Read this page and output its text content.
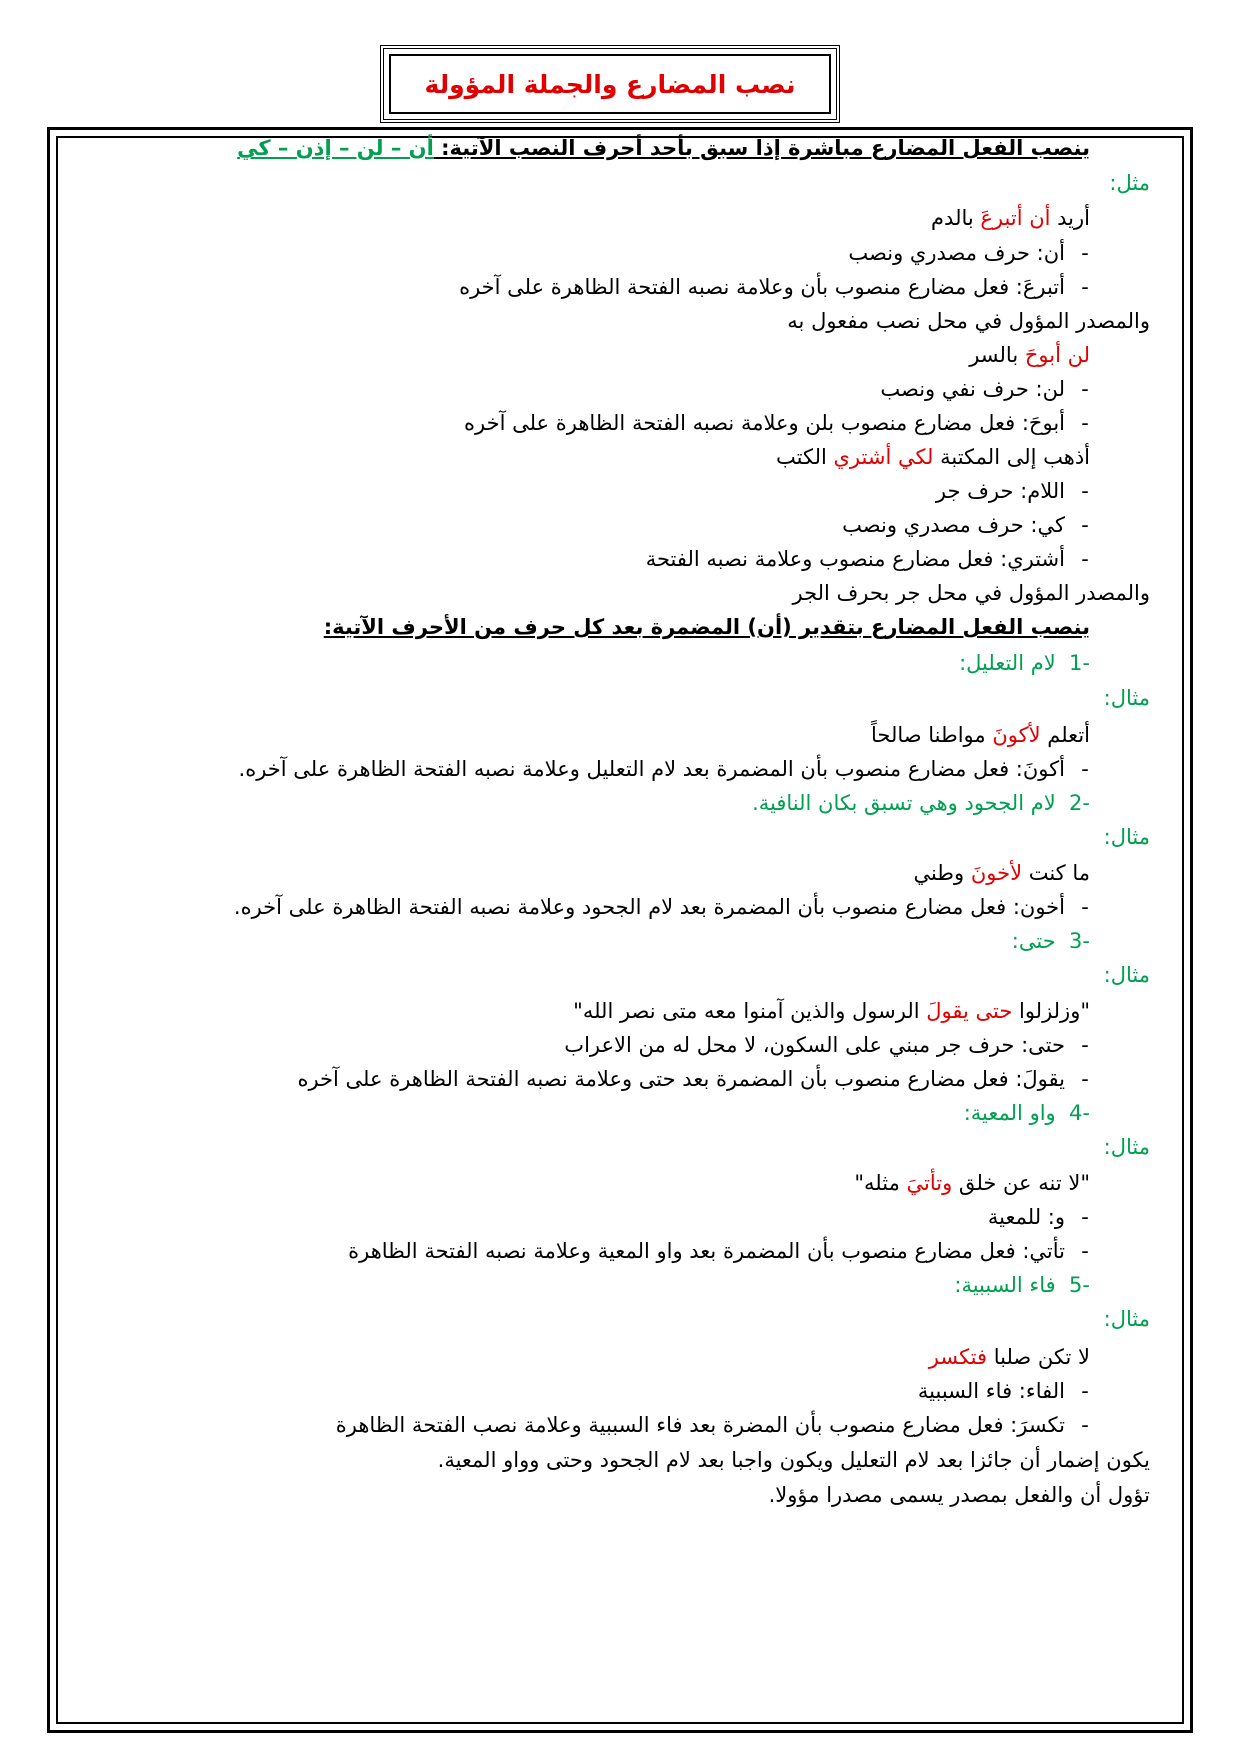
نصب المضارع والجملة المؤولة
ينصب الفعل المضارع مباشرة إذا سبق بأحد أحرف النصب الآتية: أن – لن – إذن – كي
مثل:
أريد أن أتبرعَ بالدم
-
أن: حرف مصدري ونصب
-
أتبرعَ: فعل مضارع منصوب بأن وعلامة نصبه الفتحة الظاهرة على آخره
والمصدر المؤول في محل نصب مفعول به
لن أبوحَ بالسر
-
لن: حرف نفي ونصب
-
أبوحَ: فعل مضارع منصوب بلن وعلامة نصبه الفتحة الظاهرة على آخره
أذهب إلى المكتبة لكي أشتري الكتب
-
اللام: حرف جر
-
كي: حرف مصدري ونصب
-
أشتري: فعل مضارع منصوب وعلامة نصبه الفتحة
والمصدر المؤول في محل جر بحرف الجر
ينصب الفعل المضارع بتقدير (أن) المضمرة بعد كل حرف من الأحرف الآتية:
-1  لام التعليل:
مثال:
أتعلم لأكونَ مواطنا صالحاً
-
أكونَ: فعل مضارع منصوب بأن المضمرة بعد لام التعليل وعلامة نصبه الفتحة الظاهرة على آخره.
-2  لام الجحود وهي تسبق بكان النافية.
مثال:
ما كنت لأخونَ وطني
-
أخون: فعل مضارع منصوب بأن المضمرة بعد لام الجحود وعلامة نصبه الفتحة الظاهرة على آخره.
-3  حتى:
مثال:
"وزلزلوا حتى يقولَ الرسول والذين آمنوا معه متى نصر الله"
-
حتى: حرف جر مبني على السكون، لا محل له من الاعراب
-
يقولَ: فعل مضارع منصوب بأن المضمرة بعد حتى وعلامة نصبه الفتحة الظاهرة على آخره
-4  واو المعية:
مثال:
"لا تنه عن خلق وتأتيَ مثله"
-
و: للمعية
-
تأتي: فعل مضارع منصوب بأن المضمرة بعد واو المعية وعلامة نصبه الفتحة الظاهرة
-5  فاء السببية:
مثال:
لا تكن صلبا فتكسر
-
الفاء: فاء السببية
-
تكسرَ: فعل مضارع منصوب بأن المضرة بعد فاء السببية وعلامة نصب الفتحة الظاهرة
يكون إضمار أن جائزا بعد لام التعليل ويكون واجبا بعد لام الجحود وحتى وواو المعية.
تؤول أن والفعل بمصدر يسمى مصدرا مؤولا.
